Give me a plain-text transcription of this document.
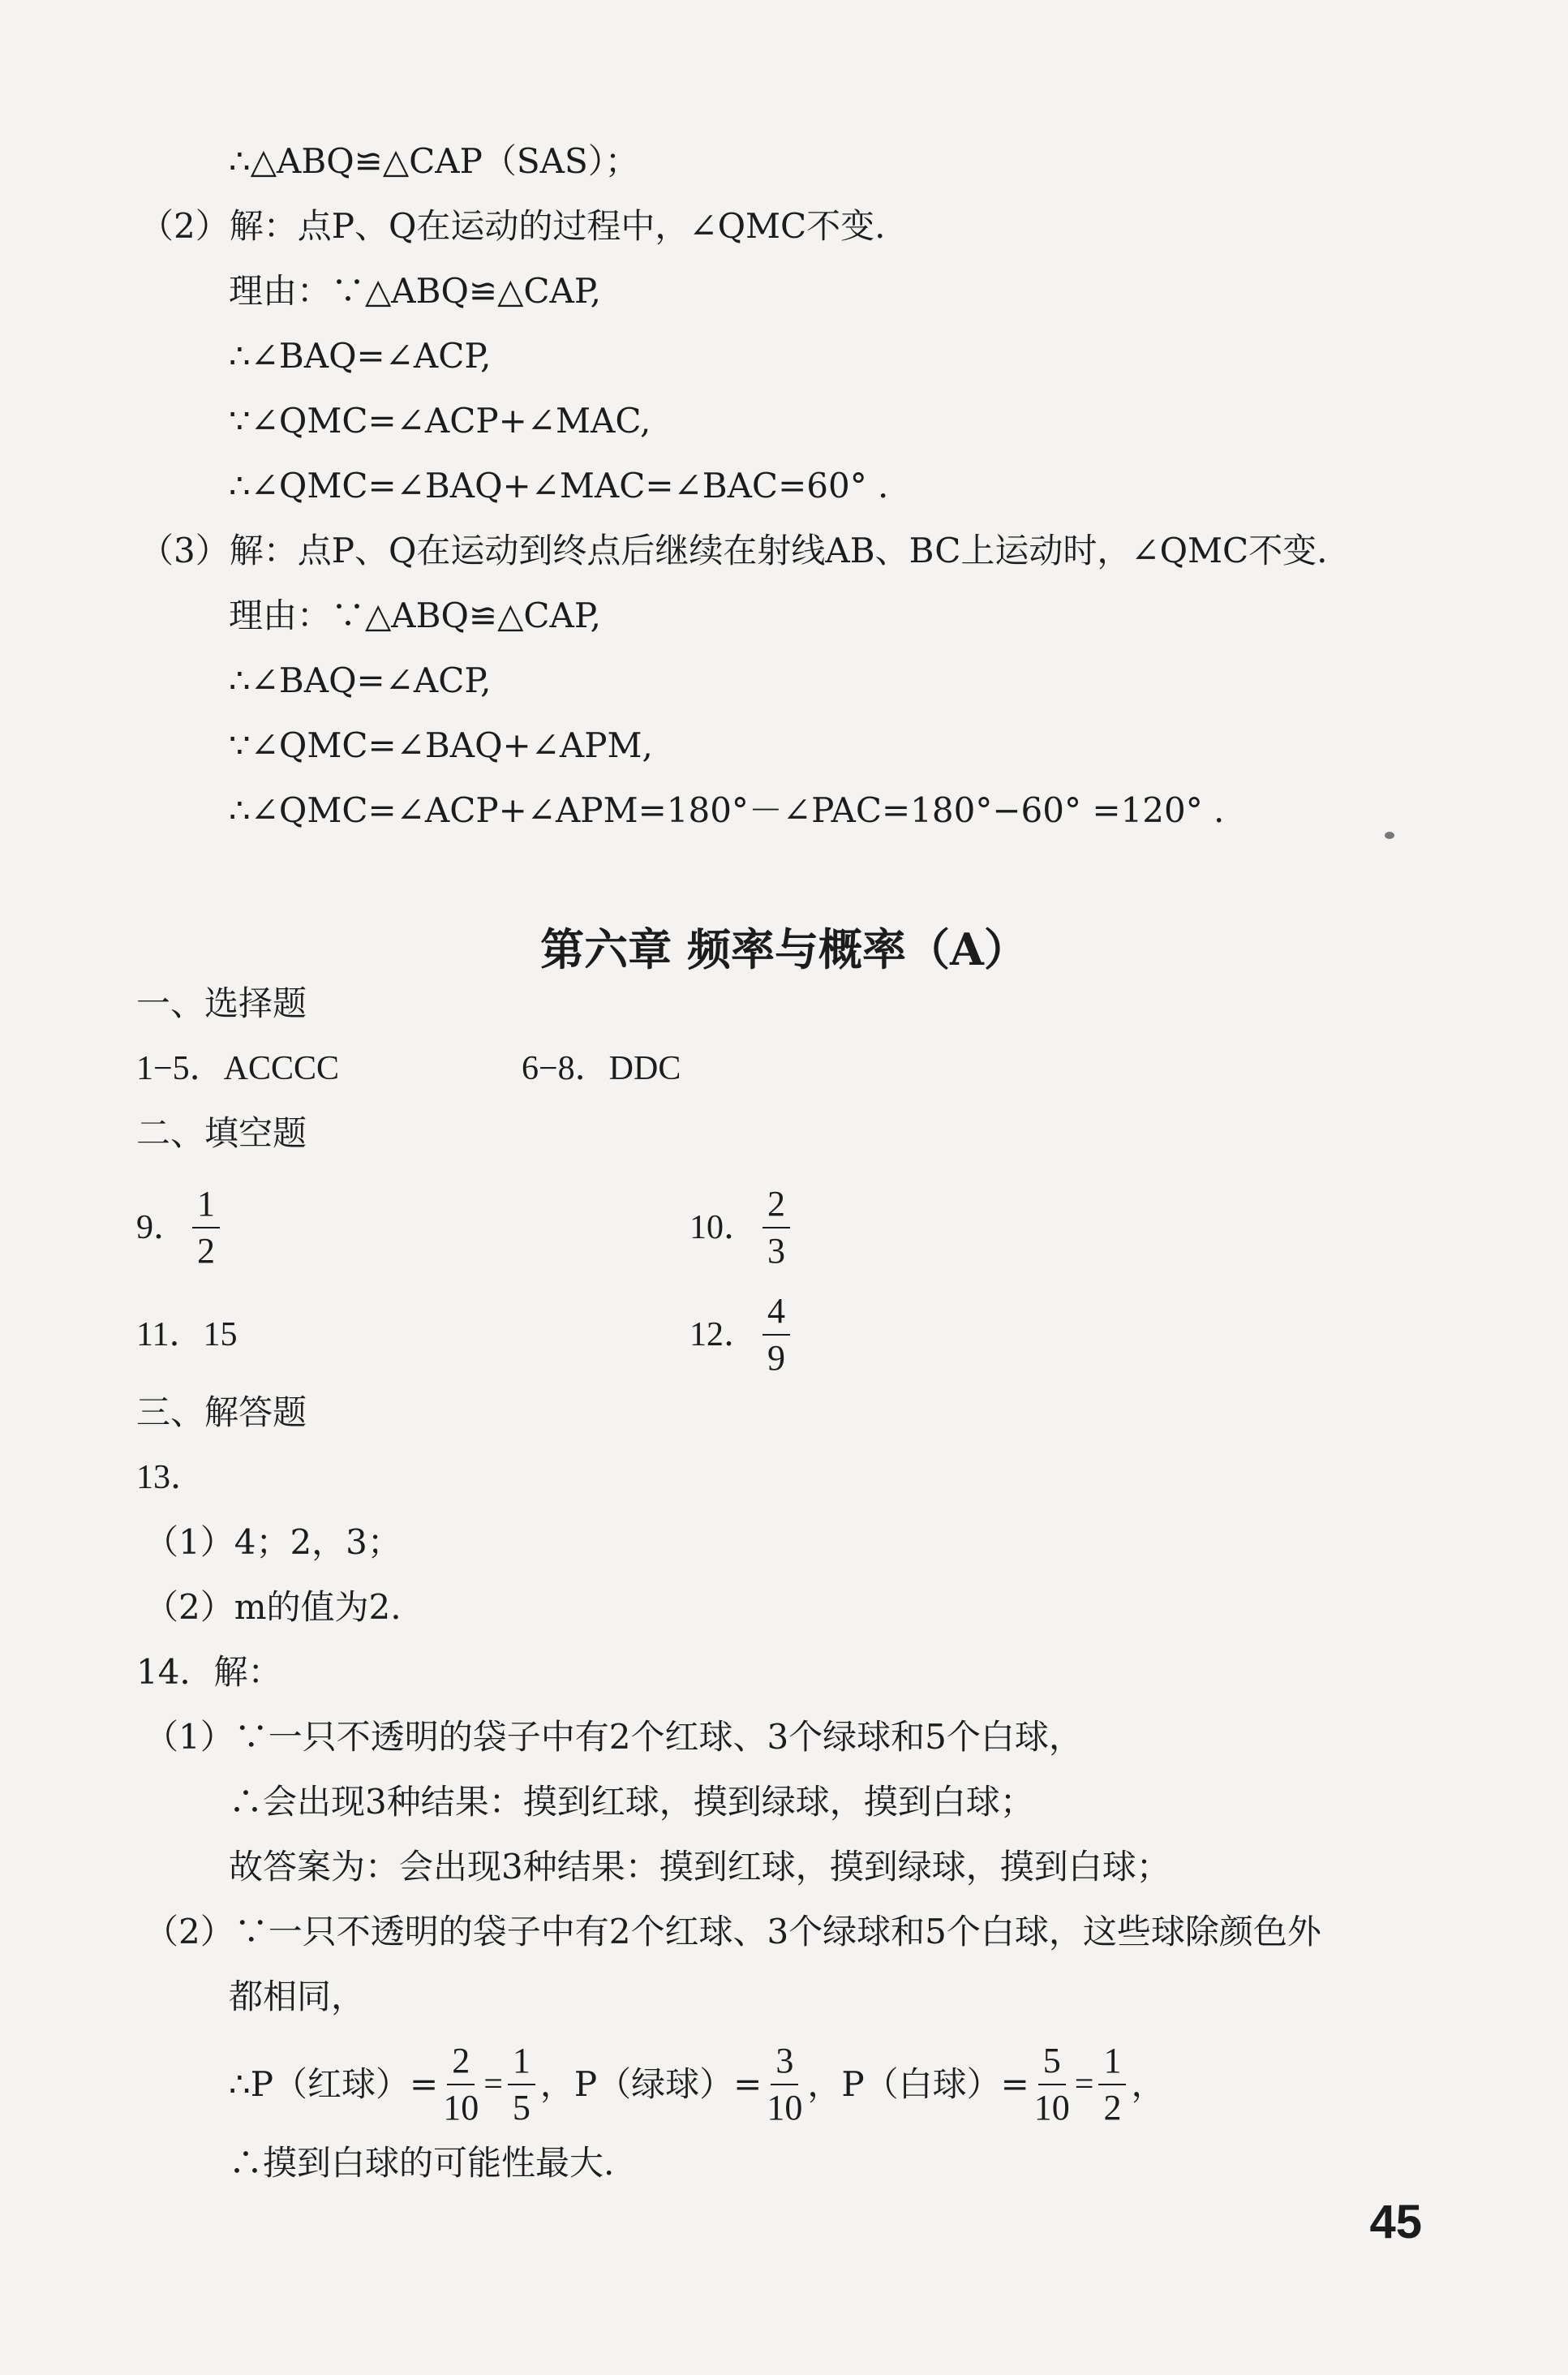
∴△ABQ≌△CAP（SAS）；
（2）解：点P、Q在运动的过程中，∠QMC不变.
理由：∵△ABQ≌△CAP,
∴∠BAQ=∠ACP,
∵∠QMC=∠ACP+∠MAC,
∴∠QMC=∠BAQ+∠MAC=∠BAC=60° .
（3）解：点P、Q在运动到终点后继续在射线AB、BC上运动时，∠QMC不变.
理由：∵△ABQ≌△CAP,
∴∠BAQ=∠ACP,
∵∠QMC=∠BAQ+∠APM,
∴∠QMC=∠ACP+∠APM=180°－∠PAC=180°−60° =120° .
第六章 频率与概率（A）
一、选择题
1−5．ACCCC	6−8．DDC
二、填空题
9． $\frac{1}{2}$	10． $\frac{2}{3}$
11．15	12． $\frac{4}{9}$
三、解答题
13．
（1）4；2，3；
（2）m的值为2.
14．解：
（1）∵一只不透明的袋子中有2个红球、3个绿球和5个白球，
∴会出现3种结果：摸到红球，摸到绿球，摸到白球；
故答案为：会出现3种结果：摸到红球，摸到绿球，摸到白球；
（2）∵一只不透明的袋子中有2个红球、3个绿球和5个白球，这些球除颜色外
都相同，
∴P（红球）= $\frac{2}{10} = \frac{1}{5}$ ，P（绿球）= $\frac{3}{10}$ ，P（白球）= $\frac{5}{10} = \frac{1}{2}$ ，
∴摸到白球的可能性最大.
45
